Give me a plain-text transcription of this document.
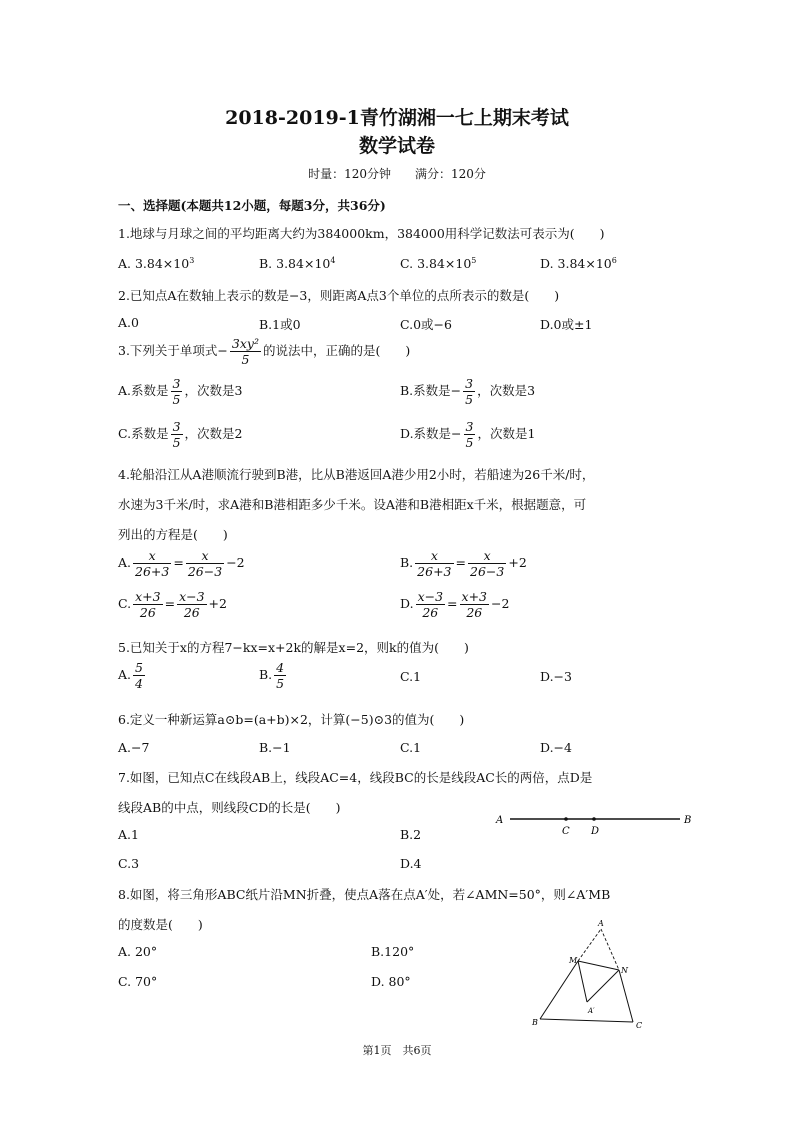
2018-2019-1青竹湖湘一七上期末考试
数学试卷
时量：120分钟　　满分：120分
一、选择题(本题共12小题，每题3分，共36分)
1.地球与月球之间的平均距离大约为384000km，384000用科学记数法可表示为(　　)
A. $3.84\times 10^3$	B. $3.84\times 10^4$	C. $3.84\times 10^5$	D. $3.84\times 10^6$
2.已知点A在数轴上表示的数是−3，则距离A点3个单位的点所表示的数是(　　)
A.0	B.1或0	C.0或−6	D.0或±1
3.下列关于单项式− $\frac{\text{3xy²}}{5}$ 的说法中，正确的是(　　)
A.系数是 $\frac{3}{5}$ ，次数是3	B.系数是− $\frac{3}{5}$ ，次数是3
C.系数是 $\frac{3}{5}$ ，次数是2	D.系数是− $\frac{3}{5}$ ，次数是1
4.轮船沿江从A港顺流行驶到B港，比从B港返回A港少用2小时，若船速为26千米/时，
水速为3千米/时，求A港和B港相距多少千米。设A港和B港相距x千米，根据题意，可
列出的方程是(　　)
A. $\frac{x}{26+3} = \frac{x}{26-3} -2$	B. $\frac{x}{26+3} = \frac{x}{26-3} +2$
C. $\frac{x+3}{26} = \frac{x-3}{26} +2$	D. $\frac{x-3}{26} = \frac{x+3}{26} -2$
5.已知关于x的方程7−kx=x+2k的解是x=2，则k的值为(　　)
A. $\frac{5}{4}$	B. $\frac{4}{5}$	C.1	D.−3
6.定义一种新运算a⊙b=(a+b)×2，计算(−5)⊙3的值为(　　)
A.−7	B.−1	C.1	D.−4
7.如图，已知点C在线段AB上，线段AC=4，线段BC的长是线段AC长的两倍，点D是
线段AB的中点，则线段CD的长是(　　)
A.1	B.2
C.3	D.4
A	B
C D
8.如图，将三角形ABC纸片沿MN折叠，使点A落在点A′处，若∠AMN=50°，则∠A′MB
的度数是(　　)
A. 20°	B.120°
C. 70°	D. 80°
A
M
N
A′
B	C
第1页　共6页
